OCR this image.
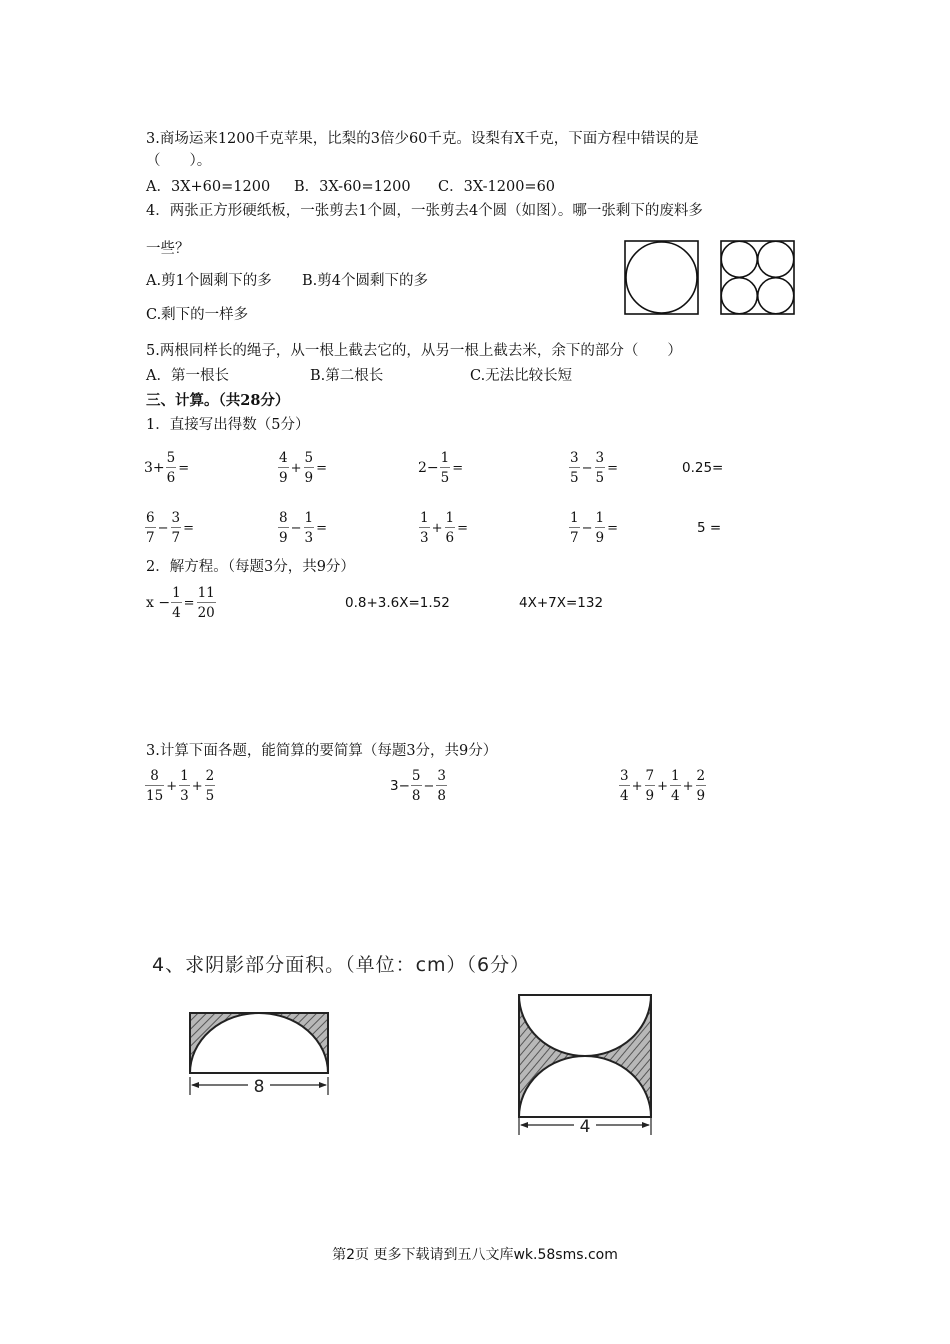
3.商场运来1200千克苹果，比梨的3倍少60千克。设梨有X千克，下面方程中错误的是
（　　）。
A．3X+60=1200 B．3X-60=1200 C．3X-1200=60
4．两张正方形硬纸板，一张剪去1个圆，一张剪去4个圆（如图）。哪一张剩下的废料多
一些？
A.剪1个圆剩下的多 B.剪4个圆剩下的多
C.剩下的一样多
5.两根同样长的绳子，从一根上截去它的，从另一根上截去米，余下的部分（　　）
A．第一根长	B.第二根长	C.无法比较长短
三、计算。（共28分）
1．直接写出得数（5分）
$3+ \frac{5}{6}$ =	$\frac{4}{9} + \frac{5}{9}$ =	$2- \frac{1}{5}$ =	$\frac{3}{5} - \frac{3}{5}$ =	0.25=
$\frac{6}{7} - \frac{3}{7}$ =	$\frac{8}{9} - \frac{1}{3}$ =	$\frac{1}{3} + \frac{1}{6}$ =	$\frac{1}{7} - \frac{1}{9}$ =	5 =
2．解方程。（每题3分，共9分）
$x - \frac{1}{4} = \frac{11}{20}$	0.8+3.6X=1.52	4X+7X=132
3.计算下面各题，能简算的要简算（每题3分，共9分）
$\frac{8}{15} + \frac{1}{3} + \frac{2}{5}$	$3- \frac{5}{8} - \frac{3}{8}$	$\frac{3}{4} + \frac{7}{9} + \frac{1}{4} + \frac{2}{9}$
4、求阴影部分面积。（单位：cm）（6分）
8
4
第2页 更多下载请到五八文库wk.58sms.com
